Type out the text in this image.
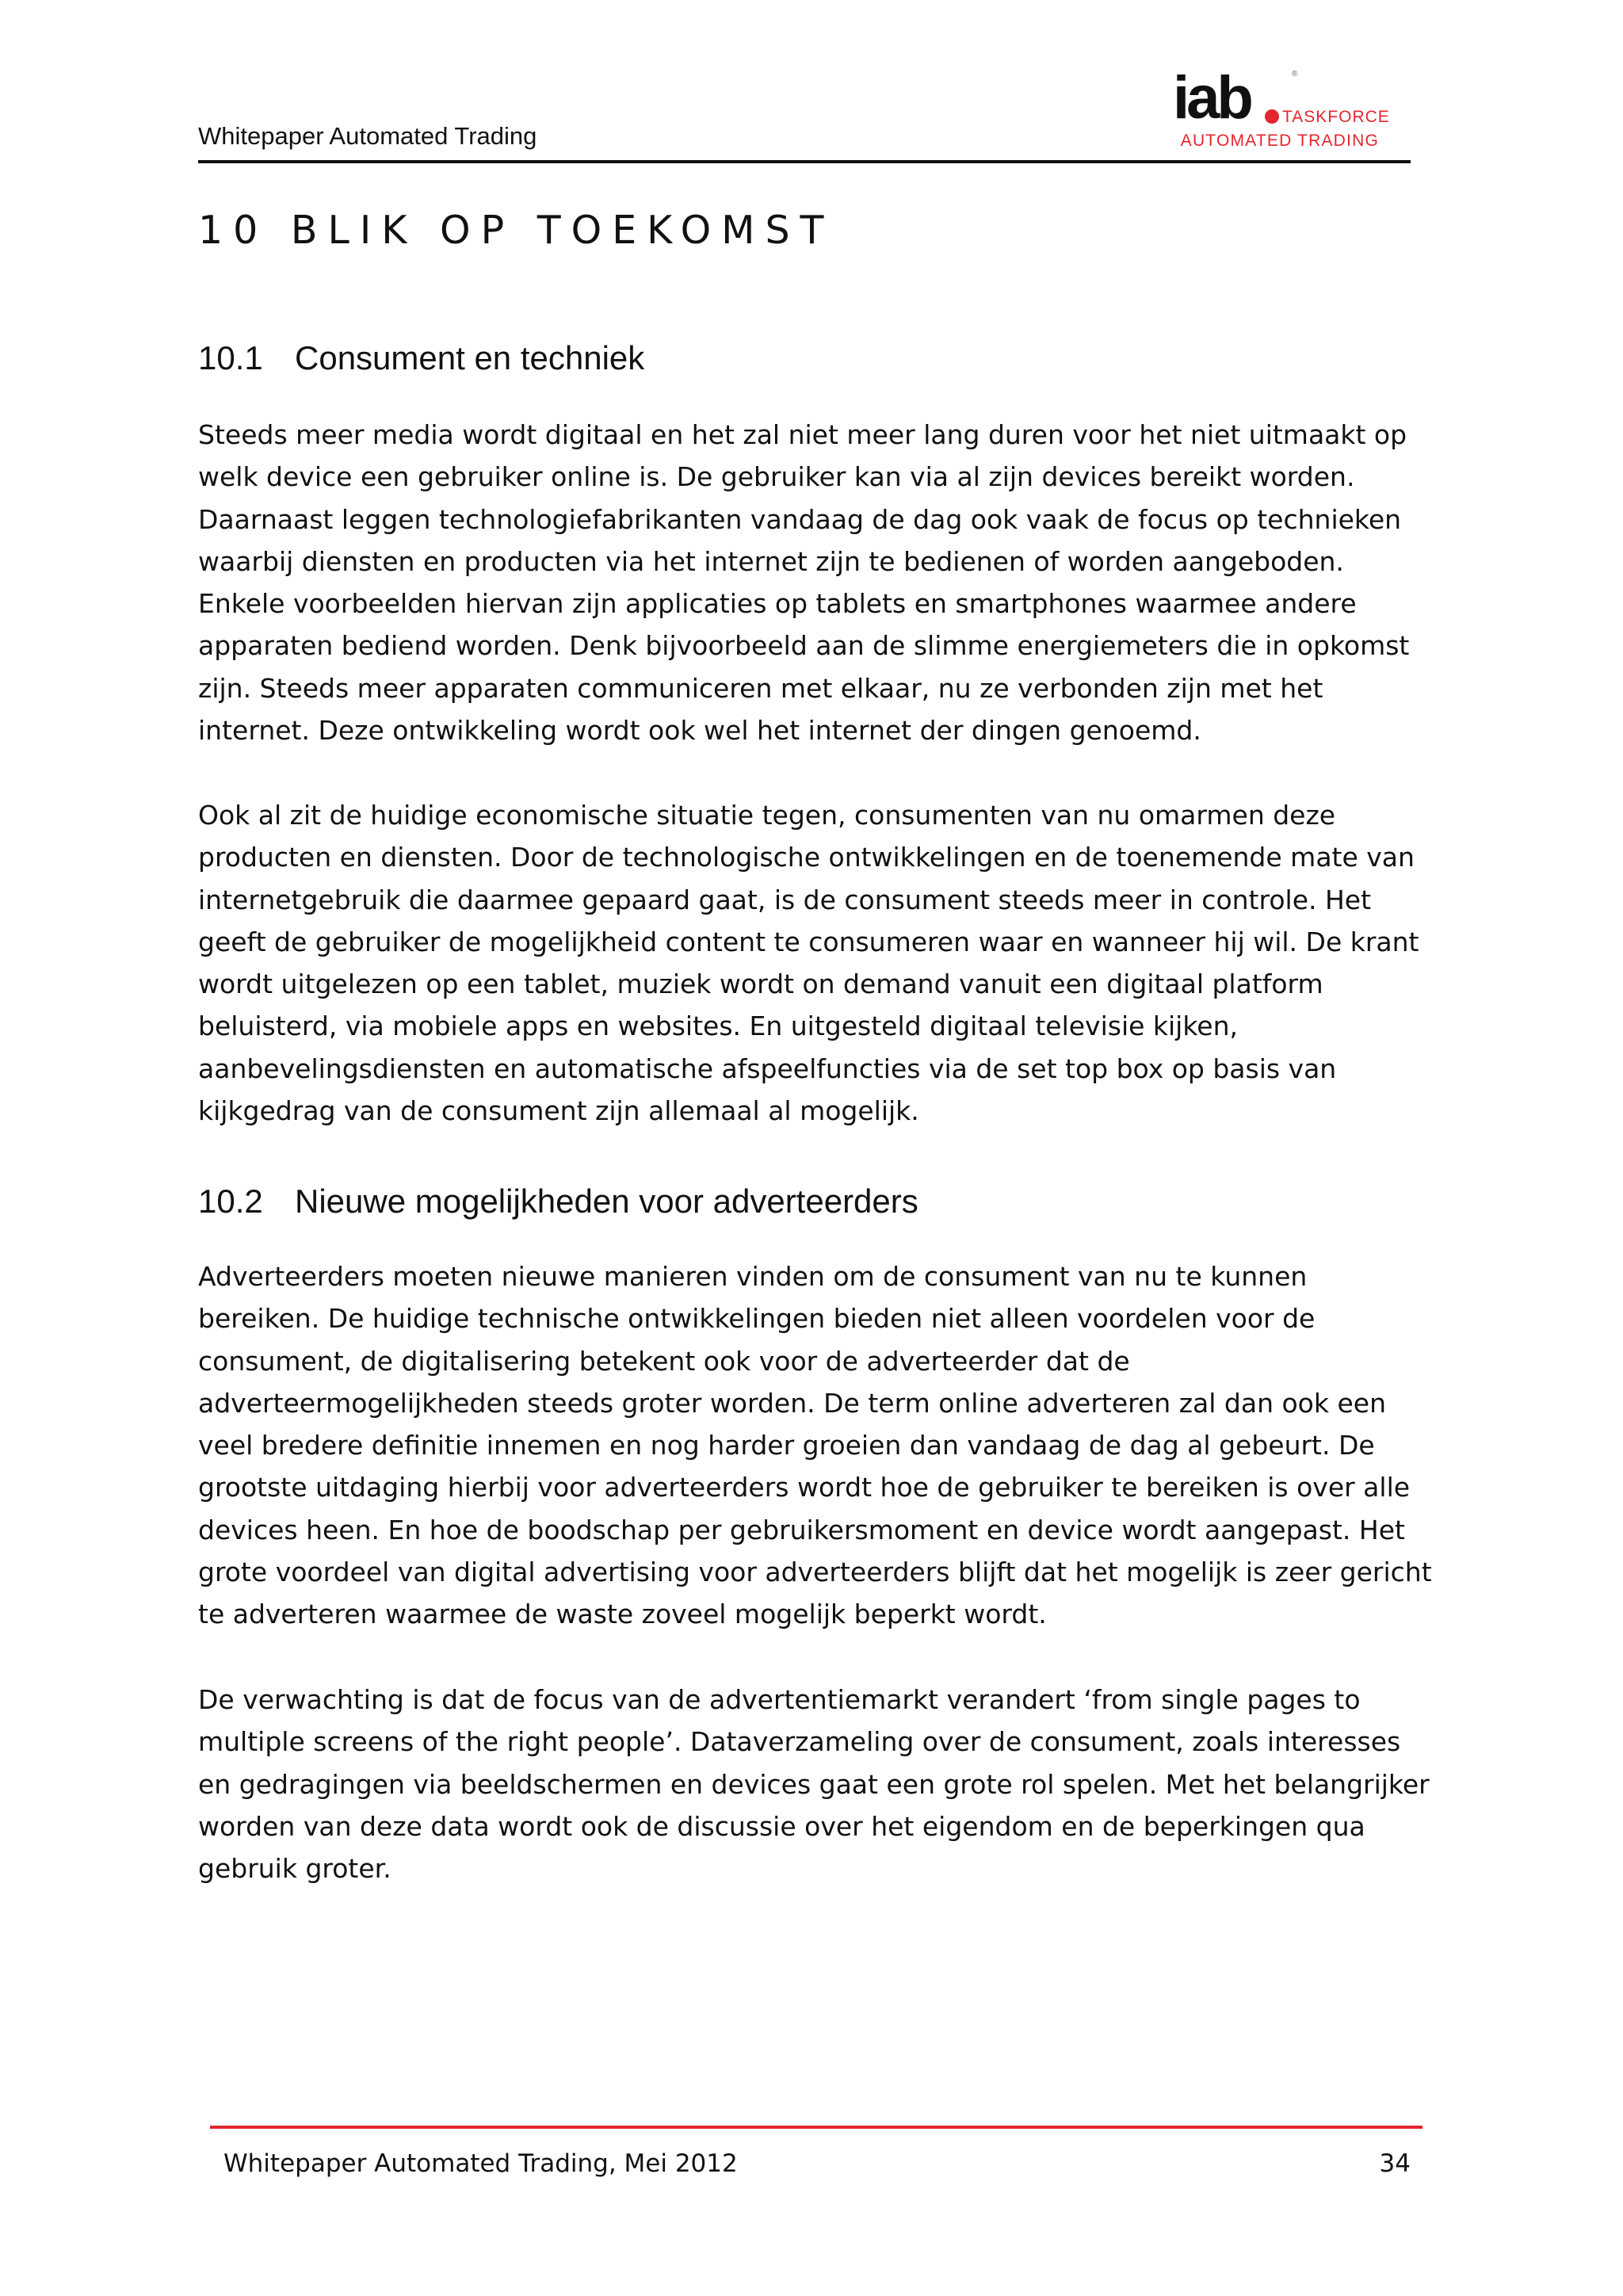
Whitepaper Automated Trading
iab	®
TASKFORCE
AUTOMATED TRADING
10 BLIK OP TOEKOMST
10.1 Consument en techniek

Steeds meer media wordt digitaal en het zal niet meer lang duren voor het niet uitmaakt op welk device een gebruiker online is. De gebruiker kan via al zijn devices bereikt worden. Daarnaast leggen technologiefabrikanten vandaag de dag ook vaak de focus op technieken waarbij diensten en producten via het internet zijn te bedienen of worden aangeboden. Enkele voorbeelden hiervan zijn applicaties op tablets en smartphones waarmee andere apparaten bediend worden. Denk bijvoorbeeld aan de slimme energiemeters die in opkomst zijn. Steeds meer apparaten communiceren met elkaar, nu ze verbonden zijn met het internet. Deze ontwikkeling wordt ook wel het internet der dingen genoemd.

Ook al zit de huidige economische situatie tegen, consumenten van nu omarmen deze producten en diensten. Door de technologische ontwikkelingen en de toenemende mate van internetgebruik die daarmee gepaard gaat, is de consument steeds meer in controle. Het geeft de gebruiker de mogelijkheid content te consumeren waar en wanneer hij wil. De krant wordt uitgelezen op een tablet, muziek wordt on demand vanuit een digitaal platform beluisterd, via mobiele apps en websites. En uitgesteld digitaal televisie kijken, aanbevelingsdiensten en automatische afspeelfuncties via de set top box op basis van kijkgedrag van de consument zijn allemaal al mogelijk.

10.2 Nieuwe mogelijkheden voor adverteerders

Adverteerders moeten nieuwe manieren vinden om de consument van nu te kunnen bereiken. De huidige technische ontwikkelingen bieden niet alleen voordelen voor de consument, de digitalisering betekent ook voor de adverteerder dat de adverteermogelijkheden steeds groter worden. De term online adverteren zal dan ook een veel bredere definitie innemen en nog harder groeien dan vandaag de dag al gebeurt. De grootste uitdaging hierbij voor adverteerders wordt hoe de gebruiker te bereiken is over alle devices heen. En hoe de boodschap per gebruikersmoment en device wordt aangepast. Het grote voordeel van digital advertising voor adverteerders blijft dat het mogelijk is zeer gericht te adverteren waarmee de waste zoveel mogelijk beperkt wordt.

De verwachting is dat de focus van de advertentiemarkt verandert ‘from single pages to multiple screens of the right people’. Dataverzameling over de consument, zoals interesses en gedragingen via beeldschermen en devices gaat een grote rol spelen. Met het belangrijker worden van deze data wordt ook de discussie over het eigendom en de beperkingen qua gebruik groter.

Whitepaper Automated Trading, Mei 2012	34
